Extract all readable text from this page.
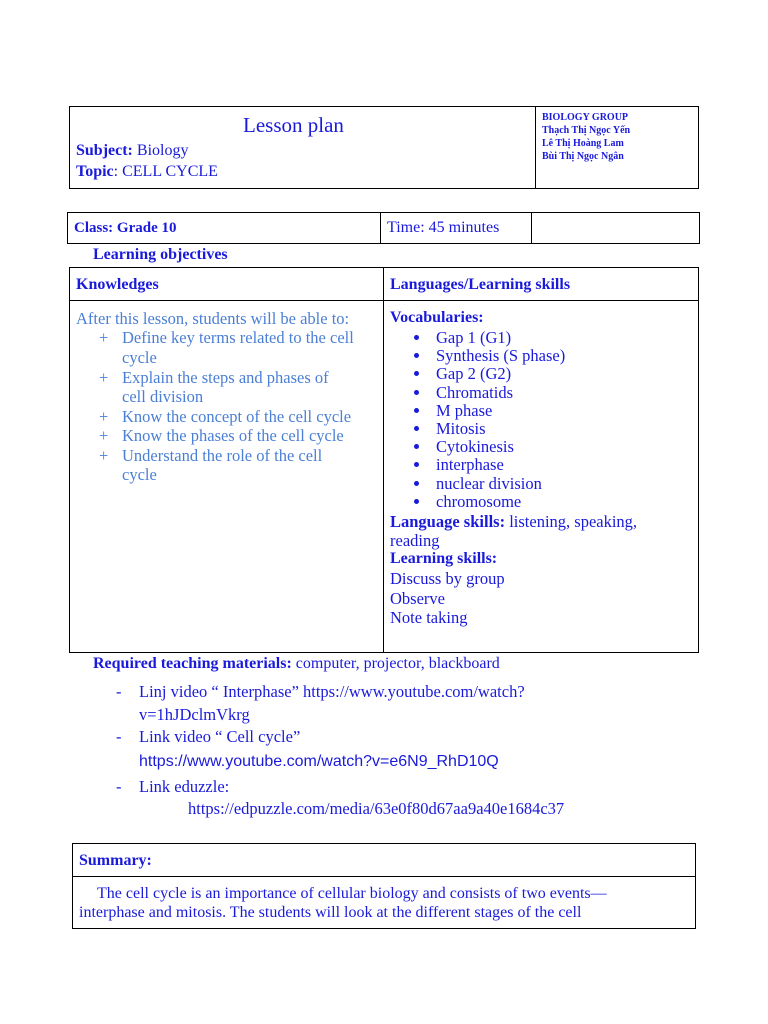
Lesson plan
Subject: Biology
Topic: CELL CYCLE
BIOLOGY GROUP
Thạch Thị Ngọc Yến
Lê Thị Hoàng Lam
Bùi Thị Ngọc Ngân
Class: Grade 10	Time: 45 minutes
Learning objectives
Knowledges	Languages/Learning skills
After this lesson, students will be able to:
+ Define key terms related to the cell
cycle
+ Explain the steps and phases of
cell division
+ Know the concept of the cell cycle
+ Know the phases of the cell cycle
+ Understand the role of the cell
cycle
Vocabularies:
Gap 1 (G1)
Synthesis (S phase)
Gap 2 (G2)
Chromatids
M phase
Mitosis
Cytokinesis
interphase
nuclear division
chromosome
Language skills: listening, speaking,
reading
Learning skills:
Discuss by group
Observe
Note taking
Required teaching materials: computer, projector, blackboard
- Linj video “ Interphase” https://www.youtube.com/watch?
v=1hJDclmVkrg
- Link video “ Cell cycle”
https://www.youtube.com/watch?v=e6N9_RhD10Q
- Link eduzzle:
https://edpuzzle.com/media/63e0f80d67aa9a40e1684c37
Summary:
The cell cycle is an importance of cellular biology and consists of two events—
interphase and mitosis. The students will look at the different stages of the cell
